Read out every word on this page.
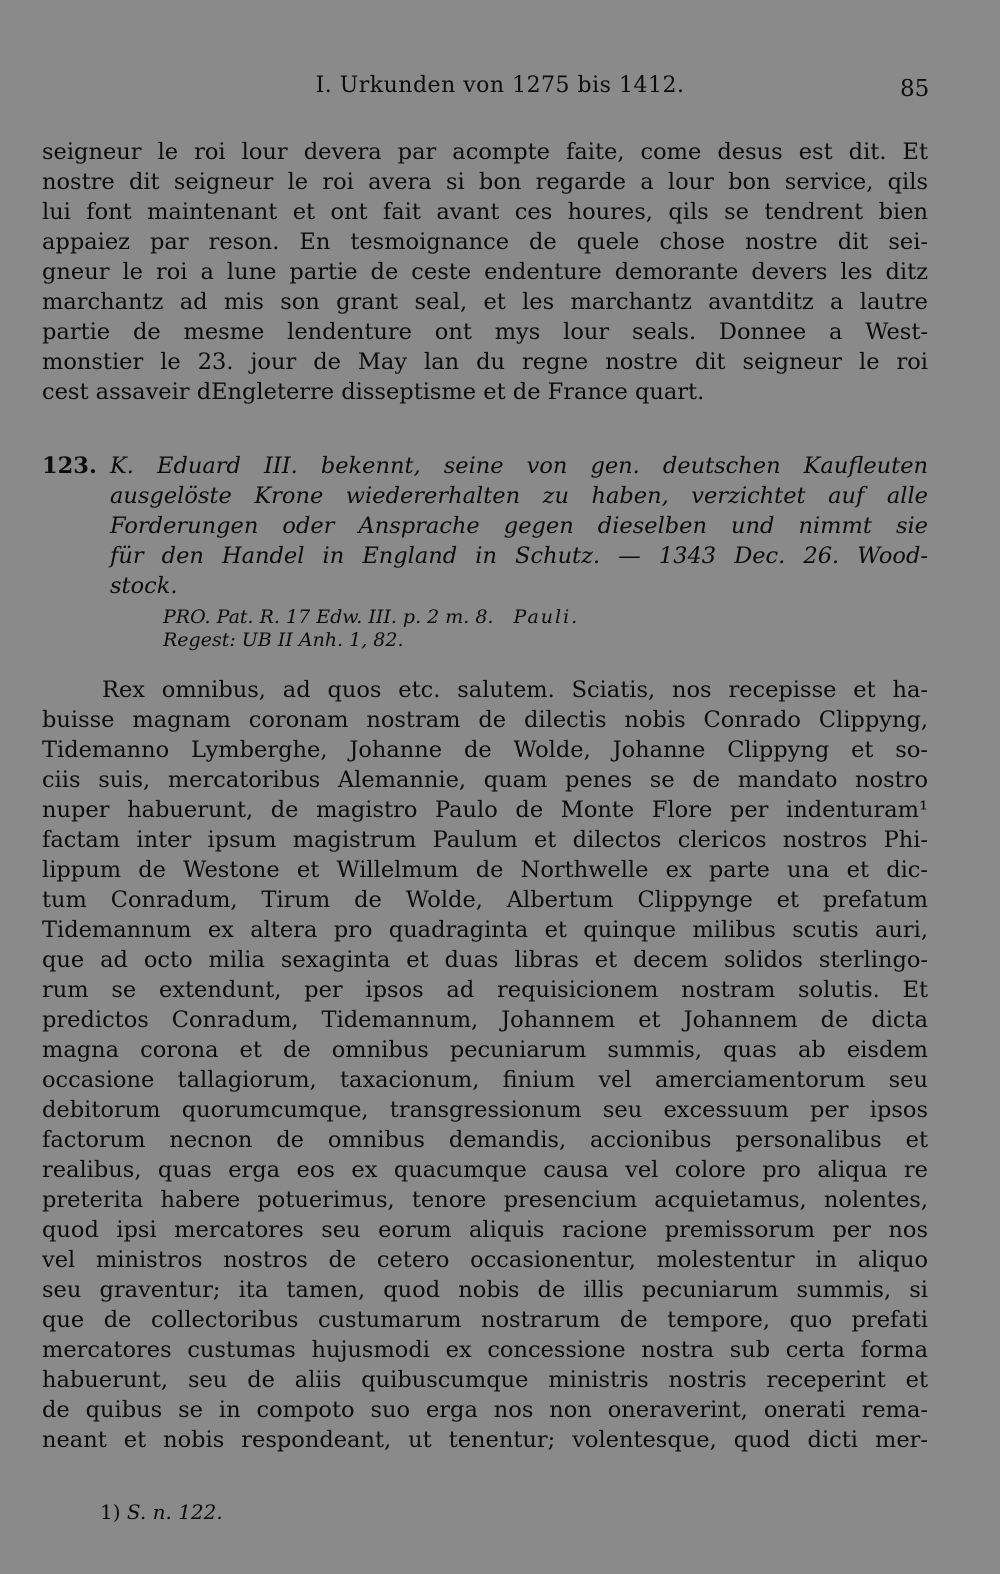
I. Urkunden von 1275 bis 1412.	85
seigneur le roi lour devera par acompte faite, come desus est dit. Et
nostre dit seigneur le roi avera si bon regarde a lour bon service, qils
lui font maintenant et ont fait avant ces houres, qils se tendrent bien
appaiez par reson. En tesmoignance de quele chose nostre dit sei-
gneur le roi a lune partie de ceste endenture demorante devers les ditz
marchantz ad mis son grant seal, et les marchantz avantditz a lautre
partie de mesme lendenture ont mys lour seals. Donnee a West-
monstier le 23. jour de May lan du regne nostre dit seigneur le roi
cest assaveir dEngleterre disseptisme et de France quart.
123. K. Eduard III. bekennt, seine von gen. deutschen Kaufleuten
ausgelöste Krone wiedererhalten zu haben, verzichtet auf alle
Forderungen oder Ansprache gegen dieselben und nimmt sie
für den Handel in England in Schutz. — 1343 Dec. 26. Wood-
stock.
PRO. Pat. R. 17 Edw. III. p. 2 m. 8. Pauli.
Regest: UB II Anh. 1, 82.
Rex omnibus, ad quos etc. salutem. Sciatis, nos recepisse et ha-
buisse magnam coronam nostram de dilectis nobis Conrado Clippyng,
Tidemanno Lymberghe, Johanne de Wolde, Johanne Clippyng et so-
ciis suis, mercatoribus Alemannie, quam penes se de mandato nostro
nuper habuerunt, de magistro Paulo de Monte Flore per indenturam¹
factam inter ipsum magistrum Paulum et dilectos clericos nostros Phi-
lippum de Westone et Willelmum de Northwelle ex parte una et dic-
tum Conradum, Tirum de Wolde, Albertum Clippynge et prefatum
Tidemannum ex altera pro quadraginta et quinque milibus scutis auri,
que ad octo milia sexaginta et duas libras et decem solidos sterlingo-
rum se extendunt, per ipsos ad requisicionem nostram solutis. Et
predictos Conradum, Tidemannum, Johannem et Johannem de dicta
magna corona et de omnibus pecuniarum summis, quas ab eisdem
occasione tallagiorum, taxacionum, finium vel amerciamentorum seu
debitorum quorumcumque, transgressionum seu excessuum per ipsos
factorum necnon de omnibus demandis, accionibus personalibus et
realibus, quas erga eos ex quacumque causa vel colore pro aliqua re
preterita habere potuerimus, tenore presencium acquietamus, nolentes,
quod ipsi mercatores seu eorum aliquis racione premissorum per nos
vel ministros nostros de cetero occasionentur, molestentur in aliquo
seu graventur; ita tamen, quod nobis de illis pecuniarum summis, si
que de collectoribus custumarum nostrarum de tempore, quo prefati
mercatores custumas hujusmodi ex concessione nostra sub certa forma
habuerunt, seu de aliis quibuscumque ministris nostris receperint et
de quibus se in compoto suo erga nos non oneraverint, onerati rema-
neant et nobis respondeant, ut tenentur; volentesque, quod dicti mer-
1) S. n. 122.
